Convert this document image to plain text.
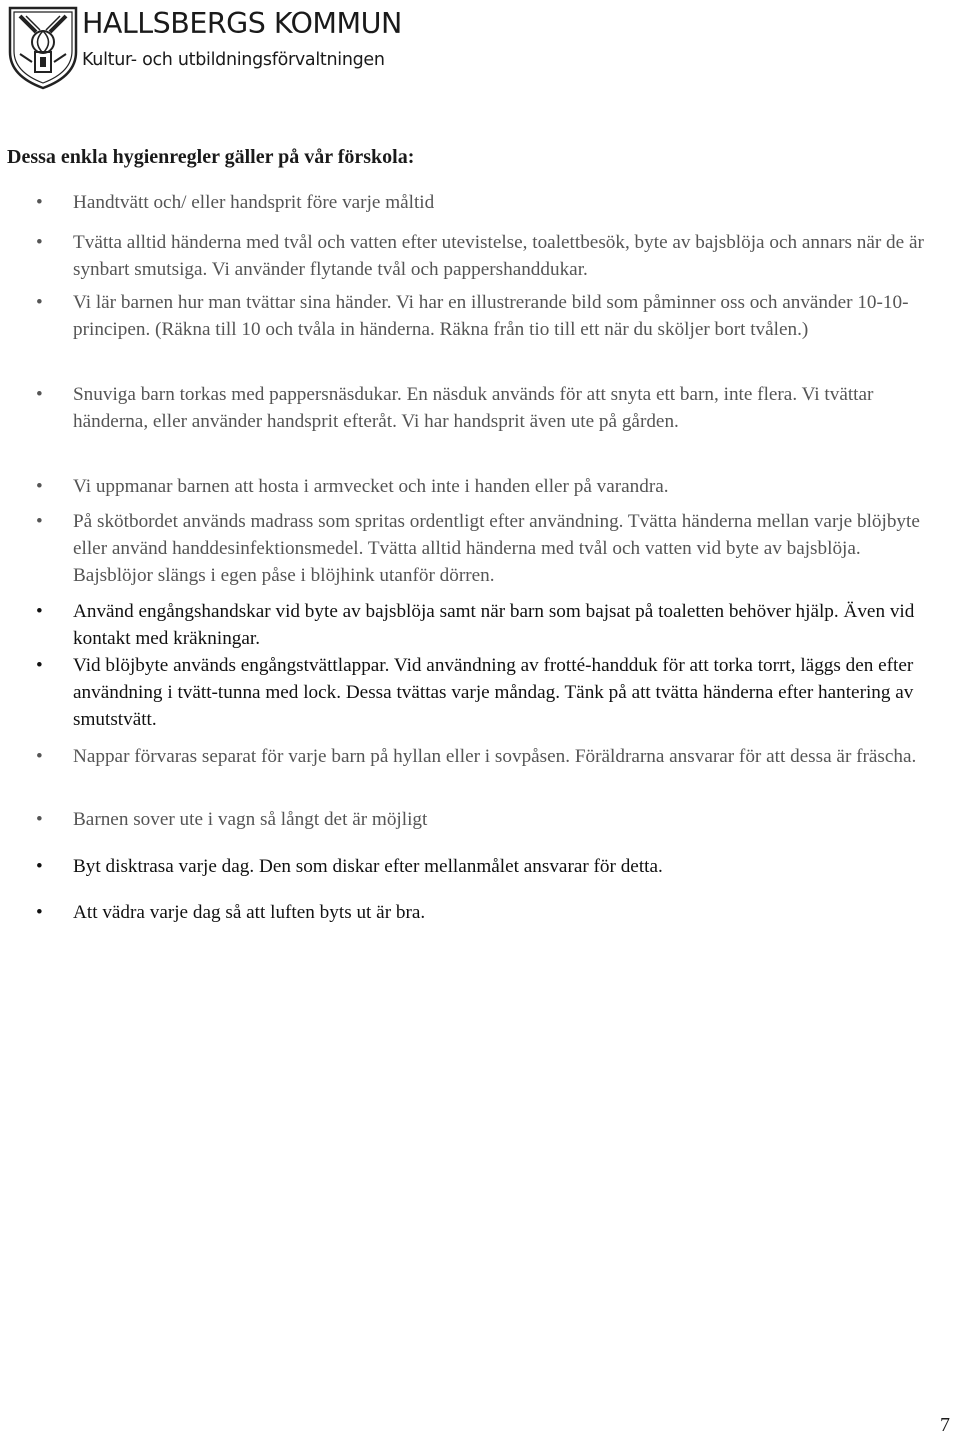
HALLSBERGS KOMMUN
Kultur- och utbildningsförvaltningen
Dessa enkla hygienregler gäller på vår förskola:
• Handtvätt och/ eller handsprit före varje måltid
• Tvätta alltid händerna med tvål och vatten efter utevistelse, toalettbesök, byte av bajsblöja och annars när de är synbart smutsiga. Vi använder flytande tvål och pappershanddukar.
• Vi lär barnen hur man tvättar sina händer. Vi har en illustrerande bild som påminner oss och använder 10-10-principen. (Räkna till 10 och tvåla in händerna. Räkna från tio till ett när du sköljer bort tvålen.)
• Snuviga barn torkas med pappersnäsdukar. En näsduk används för att snyta ett barn, inte flera. Vi tvättar händerna, eller använder handsprit efteråt. Vi har handsprit även ute på gården.
• Vi uppmanar barnen att hosta i armvecket och inte i handen eller på varandra.
• På skötbordet används madrass som spritas ordentligt efter användning. Tvätta händerna mellan varje blöjbyte eller använd handdesinfektionsmedel. Tvätta alltid händerna med tvål och vatten vid byte av bajsblöja. Bajsblöjor slängs i egen påse i blöjhink utanför dörren.
• Använd engångshandskar vid byte av bajsblöja samt när barn som bajsat på toaletten behöver hjälp. Även vid kontakt med kräkningar.
• Vid blöjbyte används engångstvättlappar. Vid användning av frotté-handduk för att torka torrt, läggs den efter användning i tvätt-tunna med lock. Dessa tvättas varje måndag. Tänk på att tvätta händerna efter hantering av smutstvätt.
• Nappar förvaras separat för varje barn på hyllan eller i sovpåsen. Föräldrarna ansvarar för att dessa är fräscha.
• Barnen sover ute i vagn så långt det är möjligt
• Byt disktrasa varje dag. Den som diskar efter mellanmålet ansvarar för detta.
• Att vädra varje dag så att luften byts ut är bra.
7
